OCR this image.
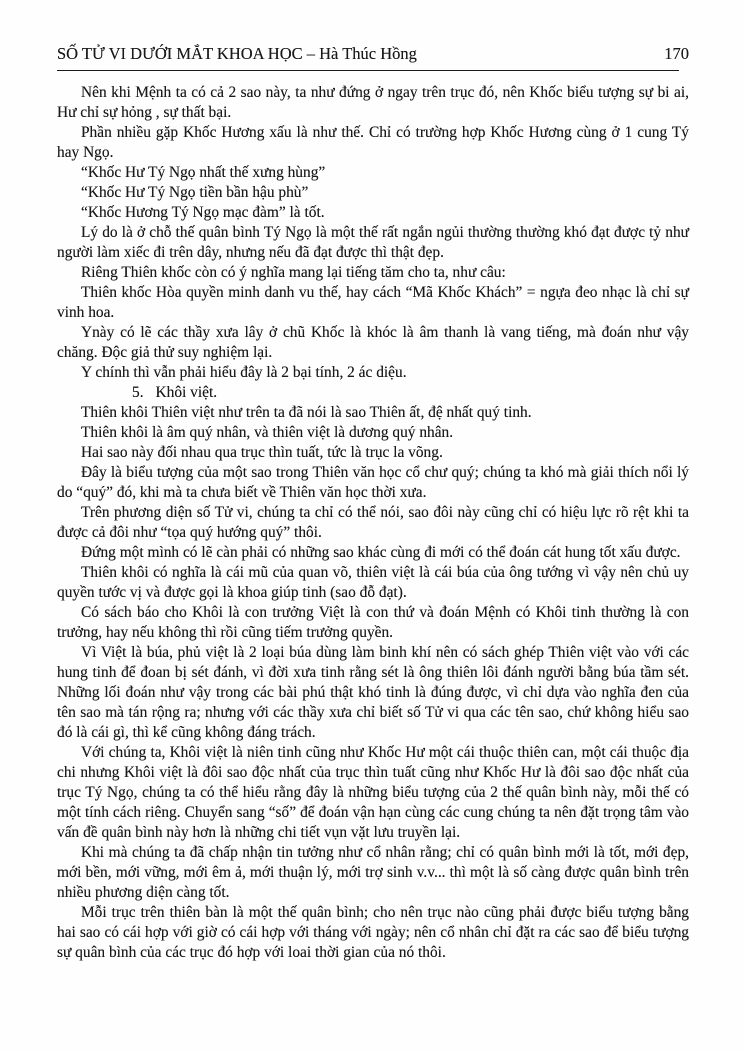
SỐ TỬ VI DƯỚI MẮT KHOA HỌC – Hà Thúc Hồng	170

Nên khi Mệnh ta có cả 2 sao này, ta như đứng ở ngay trên trục đó, nên Khốc biểu tượng sự bi ai, Hư chỉ sự hỏng , sự thất bại.

Phần nhiều gặp Khốc Hương xấu là như thế. Chỉ có trường hợp Khốc Hương cùng ở 1 cung Tý hay Ngọ.

“Khốc Hư Tý Ngọ nhất thế xưng hùng”

“Khốc Hư Tý Ngọ tiền bần hậu phù”

“Khốc Hương Tý Ngọ mạc đàm” là tốt.

Lý do là ở chỗ thế quân bình Tý Ngọ là một thế rất ngắn ngủi thường thường khó đạt được tỷ như người làm xiếc đi trên dây, nhưng nếu đã đạt được thì thật đẹp.

Riêng Thiên khốc còn có ý nghĩa mang lại tiếng tăm cho ta, như câu:

Thiên khốc Hòa quyền minh danh vu thế, hay cách “Mã Khốc Khách” = ngựa đeo nhạc là chỉ sự vinh hoa.

Ynày có lẽ các thầy xưa lây ở chũ Khốc là khóc là âm thanh là vang tiếng, mà đoán như vậy chăng. Độc giả thử suy nghiệm lại.

Y chính thì vẫn phải hiểu đây là 2 bại tính, 2 ác diệu.

5. Khôi việt.

Thiên khôi Thiên việt như trên ta đã nói là sao Thiên ất, đệ nhất quý tinh.

Thiên khôi là âm quý nhân, và thiên việt là dương quý nhân.

Hai sao này đối nhau qua trục thìn tuất, tức là trục la võng.

Đây là biểu tượng của một sao trong Thiên văn học cổ chư quý; chúng ta khó mà giải thích nổi lý do “quý” đó, khi mà ta chưa biết về Thiên văn học thời xưa.

Trên phương diện số Tử vi, chúng ta chỉ có thể nói, sao đôi này cũng chỉ có hiệu lực rõ rệt khi ta được cả đôi như “tọa quý hướng quý” thôi.

Đứng một mình có lẽ càn phải có những sao khác cùng đi mới có thể đoán cát hung tốt xấu được.

Thiên khôi có nghĩa là cái mũ của quan võ, thiên việt là cái búa của ông tướng vì vậy nên chủ uy quyền tước vị và được gọi là khoa giúp tinh (sao đỗ đạt).

Có sách báo cho Khôi là con trưởng Việt là con thứ và đoán Mệnh có Khôi tinh thường là con trưởng, hay nếu không thì rồi cũng tiếm trưởng quyền.

Vì Việt là búa, phủ việt là 2 loại búa dùng làm binh khí nên có sách ghép Thiên việt vào với các hung tinh để đoan bị sét đánh, vì đời xưa tinh rằng sét là ông thiên lôi đánh người bằng búa tầm sét. Những lối đoán như vậy trong các bài phú thật khó tinh là đúng được, vì chỉ dựa vào nghĩa đen của tên sao mà tán rộng ra; nhưng với các thầy xưa chỉ biết số Tử vi qua các tên sao, chứ không hiểu sao đó là cái gì, thì kể cũng không đáng trách.

Với chúng ta, Khôi việt là niên tinh cũng như Khốc Hư một cái thuộc thiên can, một cái thuộc địa chi nhưng Khôi việt là đôi sao độc nhất của trục thìn tuất cũng như Khốc Hư là đôi sao độc nhất của trục Tý Ngọ, chúng ta có thể hiểu rằng đây là những biểu tượng của 2 thế quân bình này, mỗi thế có một tính cách riêng. Chuyển sang “số” để đoán vận hạn cùng các cung chúng ta nên đặt trọng tâm vào vấn đề quân bình này hơn là những chi tiết vụn vặt lưu truyền lại.

Khi mà chúng ta đã chấp nhận tin tưởng như cổ nhân rằng; chỉ có quân bình mới là tốt, mới đẹp, mới bền, mới vững, mới êm ả, mới thuận lý, mới trợ sinh v.v... thì một là số càng được quân bình trên nhiều phương diện càng tốt.

Mỗi trục trên thiên bàn là một thế quân bình; cho nên trục nào cũng phải được biểu tượng bằng hai sao có cái hợp với giờ có cái hợp với tháng với ngày; nên cổ nhân chỉ đặt ra các sao để biểu tượng sự quân bình của các trục đó hợp với loai thời gian của nó thôi.
